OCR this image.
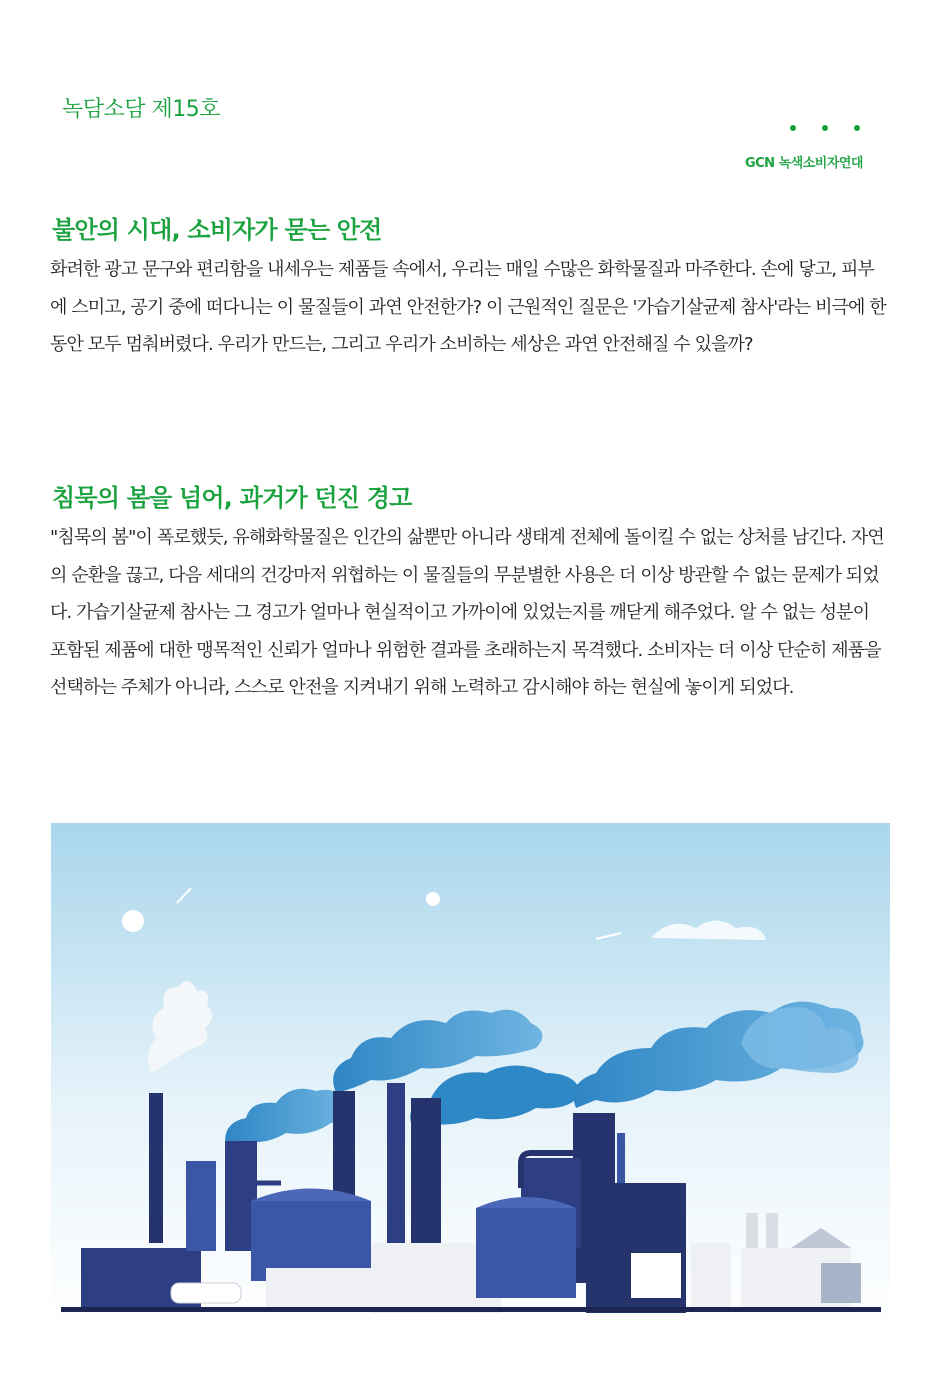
녹담소담 제15호
GCN 녹색소비자연대
불안의 시대, 소비자가 묻는 안전

화려한 광고 문구와 편리함을 내세우는 제품들 속에서, 우리는 매일 수많은 화학물질과 마주한다. 손에 닿고, 피부에 스미고, 공기 중에 떠다니는 이 물질들이 과연 안전한가? 이 근원적인 질문은 '가습기살균제 참사'라는 비극에 한동안 모두 멈춰버렸다. 우리가 만드는, 그리고 우리가 소비하는 세상은 과연 안전해질 수 있을까?

침묵의 봄을 넘어, 과거가 던진 경고

"침묵의 봄"이 폭로했듯, 유해화학물질은 인간의 삶뿐만 아니라 생태계 전체에 돌이킬 수 없는 상처를 남긴다. 자연의 순환을 끊고, 다음 세대의 건강마저 위협하는 이 물질들의 무분별한 사용은 더 이상 방관할 수 없는 문제가 되었다. 가습기살균제 참사는 그 경고가 얼마나 현실적이고 가까이에 있었는지를 깨닫게 해주었다. 알 수 없는 성분이 포함된 제품에 대한 맹목적인 신뢰가 얼마나 위험한 결과를 초래하는지 목격했다. 소비자는 더 이상 단순히 제품을 선택하는 주체가 아니라, 스스로 안전을 지켜내기 위해 노력하고 감시해야 하는 현실에 놓이게 되었다.
